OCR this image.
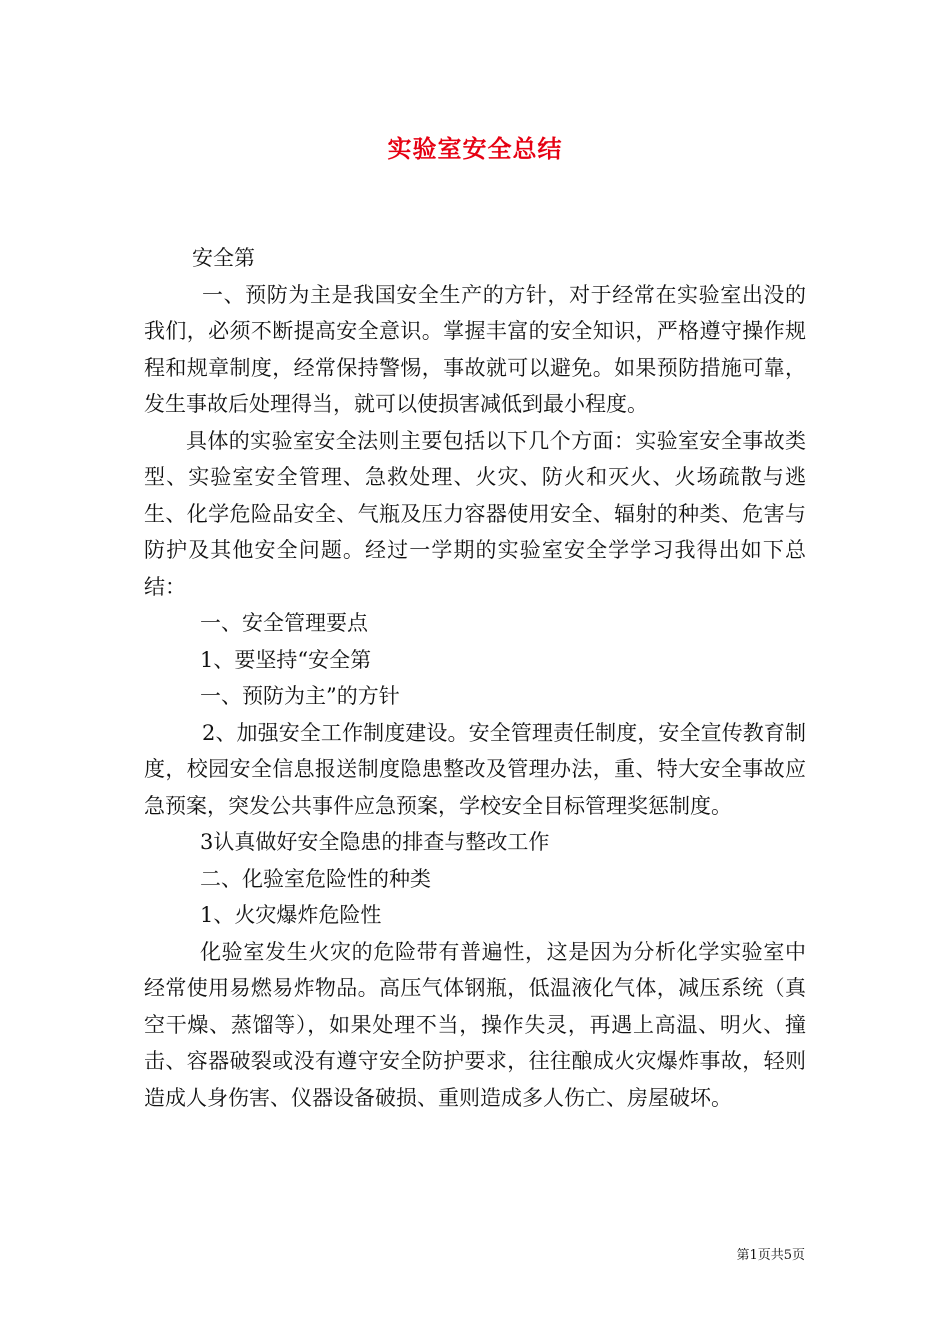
实验室安全总结

安全第

一、预防为主是我国安全生产的方针，对于经常在实验室出没的我们，必须不断提高安全意识。掌握丰富的安全知识，严格遵守操作规程和规章制度，经常保持警惕，事故就可以避免。如果预防措施可靠，发生事故后处理得当，就可以使损害减低到最小程度。

具体的实验室安全法则主要包括以下几个方面：实验室安全事故类型、实验室安全管理、急救处理、火灾、防火和灭火、火场疏散与逃生、化学危险品安全、气瓶及压力容器使用安全、辐射的种类、危害与防护及其他安全问题。经过一学期的实验室安全学学习我得出如下总结：

一、安全管理要点

1、要坚持“安全第

一、预防为主”的方针

2、加强安全工作制度建设。安全管理责任制度，安全宣传教育制度，校园安全信息报送制度隐患整改及管理办法，重、特大安全事故应急预案，突发公共事件应急预案，学校安全目标管理奖惩制度。

3认真做好安全隐患的排查与整改工作

二、化验室危险性的种类

1、火灾爆炸危险性

化验室发生火灾的危险带有普遍性，这是因为分析化学实验室中经常使用易燃易炸物品。高压气体钢瓶，低温液化气体，减压系统（真空干燥、蒸馏等），如果处理不当，操作失灵，再遇上高温、明火、撞击、容器破裂或没有遵守安全防护要求，往往酿成火灾爆炸事故，轻则造成人身伤害、仪器设备破损、重则造成多人伤亡、房屋破坏。

第1页共5页
